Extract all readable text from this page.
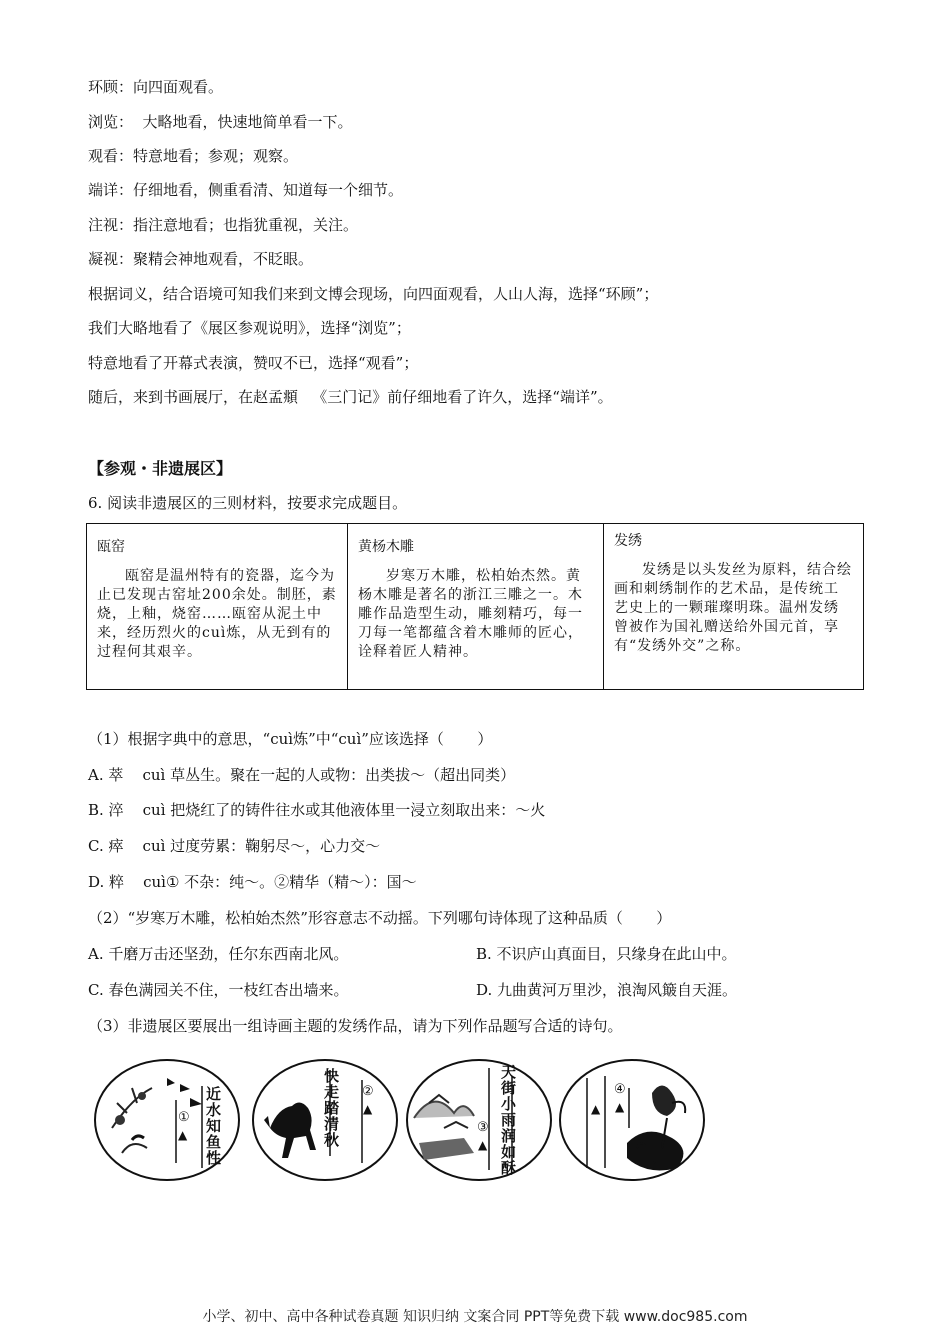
环顾：向四面观看。
浏览：  大略地看，快速地简单看一下。
观看：特意地看；参观；观察。
端详：仔细地看，侧重看清、知道每一个细节。
注视：指注意地看；也指犹重视，关注。
凝视：聚精会神地观看，不眨眼。
根据词义，结合语境可知我们来到文博会现场，向四面观看，人山人海，选择“环顾”；
我们大略地看了《展区参观说明》，选择“浏览”；
特意地看了开幕式表演，赞叹不已，选择“观看”；
随后，来到书画展厅，在赵孟頫   《三门记》前仔细地看了许久，选择“端详”。
【参观・非遗展区】
6. 阅读非遗展区的三则材料，按要求完成题目。
瓯窑
瓯窑是温州特有的瓷器，迄今为止已发现古窑址200余处。制胚，素烧，上釉，烧窑……瓯窑从泥土中来，经历烈火的cuì炼，从无到有的过程何其艰辛。

黄杨木雕
岁寒万木雕，松柏始杰然。黄杨木雕是著名的浙江三雕之一。木雕作品造型生动，雕刻精巧，每一刀每一笔都蕴含着木雕师的匠心，诠释着匠人精神。

发绣
发绣是以头发丝为原料，结合绘画和刺绣制作的艺术品，是传统工艺史上的一颗璀璨明珠。温州发绣曾被作为国礼赠送给外国元首，享有“发绣外交”之称。
（1）根据字典中的意思，“cuì炼”中“cuì”应该选择（       ）
A. 萃    cuì 草丛生。聚在一起的人或物：出类拔～（超出同类）
B. 淬    cuì 把烧红了的铸件往水或其他液体里一浸立刻取出来：～火
C. 瘁    cuì 过度劳累：鞠躬尽～，心力交～
D. 粹    cuì① 不杂：纯～。②精华（精～）：国～
（2）“岁寒万木雕，松柏始杰然”形容意志不动摇。下列哪句诗体现了这种品质（       ）
A. 千磨万击还坚劲，任尔东西南北风。	B. 不识庐山真面目，只缘身在此山中。
C. 春色满园关不住，一枝红杏出墙来。	D. 九曲黄河万里沙，浪淘风簸自天涯。
（3）非遗展区要展出一组诗画主题的发绣作品，请为下列作品题写合适的诗句。
近水知鱼性
①
▲	快走踏清秋 ②
▲	天街小雨润如酥
③
▲
④
▲ ▲
小学、初中、高中各种试卷真题 知识归纳 文案合同 PPT等免费下载 www.doc985.com
